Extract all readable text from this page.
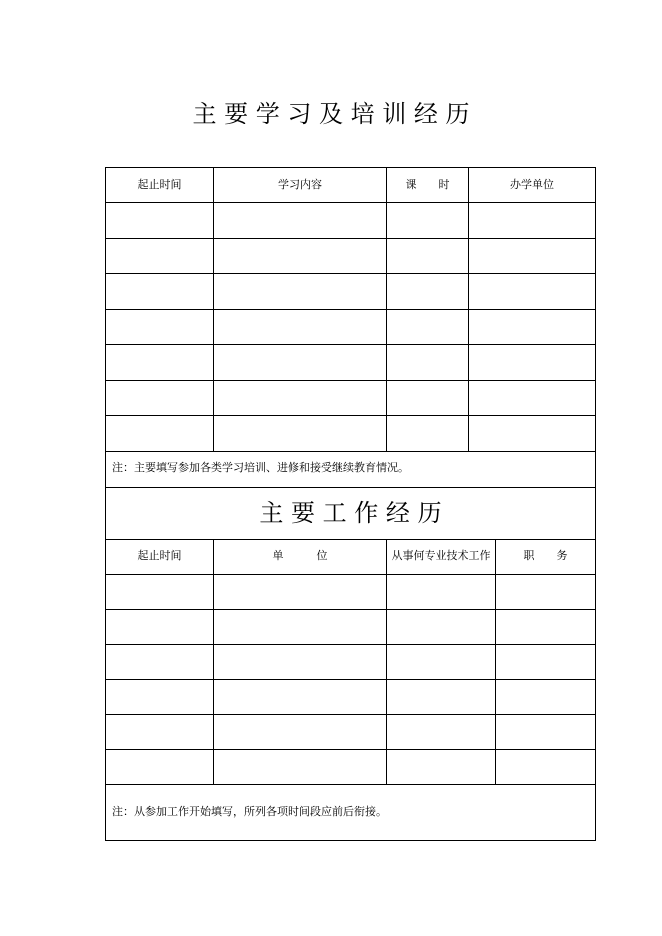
主 要 学 习 及 培 训 经 历
起止时间	学习内容	课　　时	办学单位
注：主要填写参加各类学习培训、进修和接受继续教育情况。
主 要 工 作 经 历
起止时间	单　　　位	从事何专业技术工作	职　　务
注：从参加工作开始填写，所列各项时间段应前后衔接。
